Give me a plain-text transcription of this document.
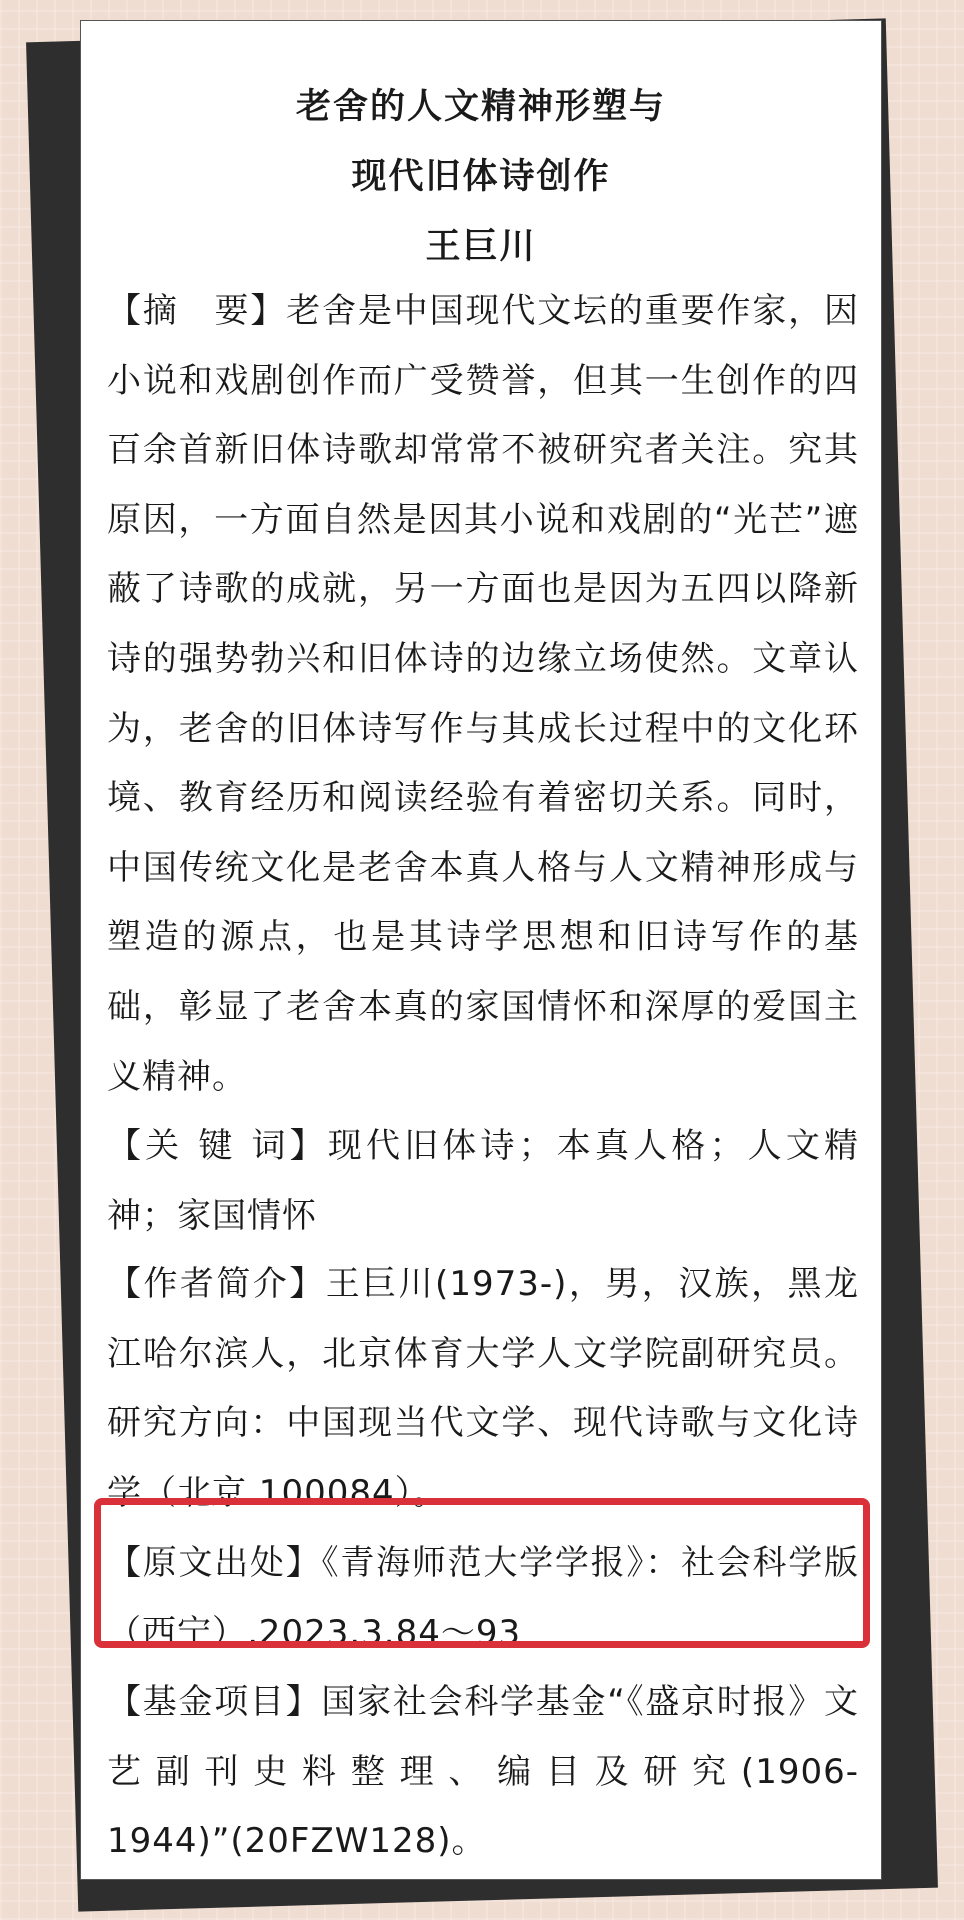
老舍的人文精神形塑与
现代旧体诗创作
王巨川
【摘　要】老舍是中国现代文坛的重要作家，因小说和戏剧创作而广受赞誉，但其一生创作的四百余首新旧体诗歌却常常不被研究者关注。究其原因，一方面自然是因其小说和戏剧的“光芒”遮蔽了诗歌的成就，另一方面也是因为五四以降新诗的强势勃兴和旧体诗的边缘立场使然。文章认为，老舍的旧体诗写作与其成长过程中的文化环境、教育经历和阅读经验有着密切关系。同时，中国传统文化是老舍本真人格与人文精神形成与塑造的源点，也是其诗学思想和旧诗写作的基础，彰显了老舍本真的家国情怀和深厚的爱国主义精神。
【关 键 词】现代旧体诗；本真人格；人文精神；家国情怀
【作者简介】王巨川(1973-)，男，汉族，黑龙江哈尔滨人，北京体育大学人文学院副研究员。研究方向：中国现当代文学、现代诗歌与文化诗学（北京 100084）。
【原文出处】《青海师范大学学报》：社会科学版（西宁）,2023.3.84～93
【基金项目】国家社会科学基金“《盛京时报》文艺副刊史料整理、编目及研究(1906-1944)”(20FZW128)。
